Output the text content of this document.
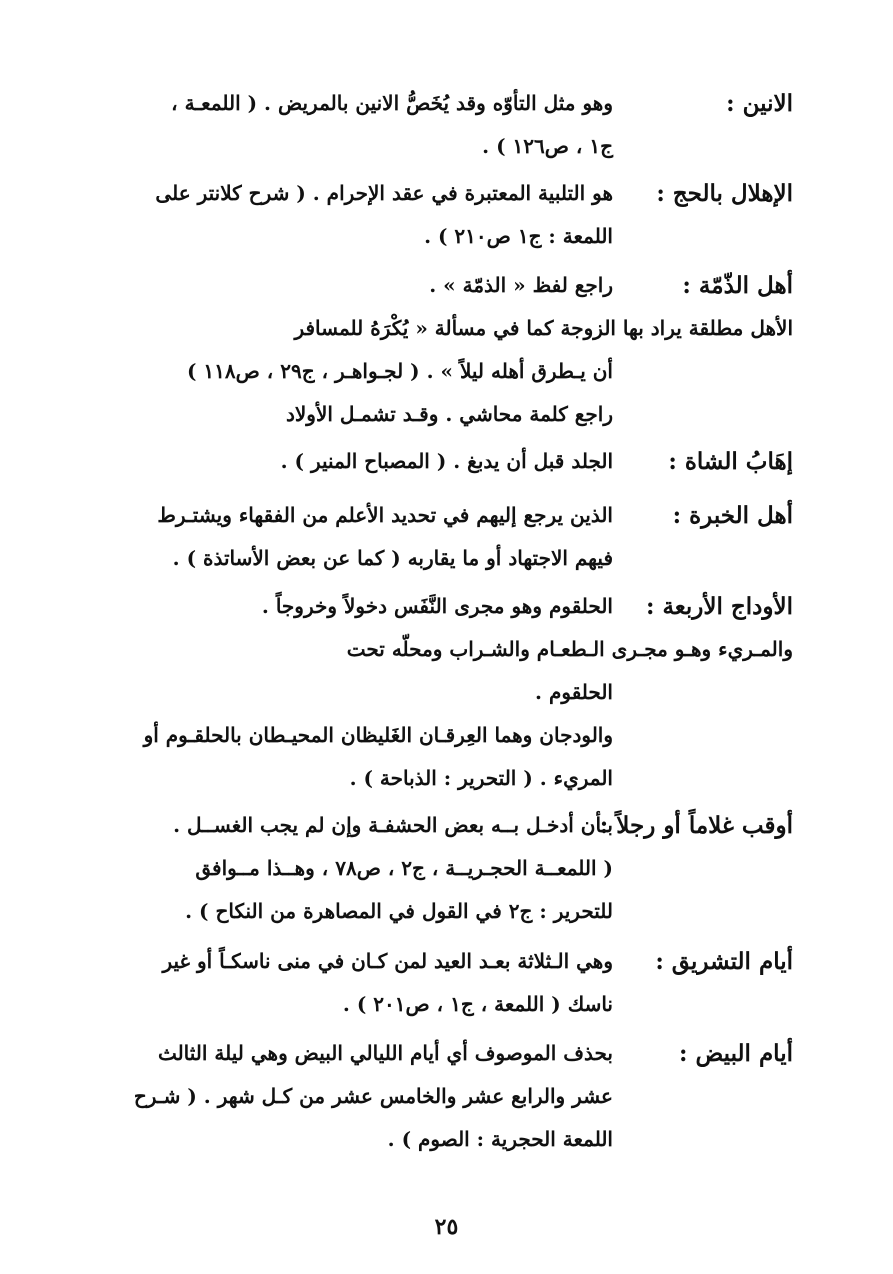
الانين :
وهو مثل التأوّه وقد يُخَصُّ الانين بالمريض . ( اللمعـة ،
ج١ ، ص١٢٦ ) .
الإهلال بالحج :
هو التلبية المعتبرة في عقد الإحرام . ( شرح كلانتر على
اللمعة : ج١ ص٢١٠ ) .
أهل الذّمّة :
راجع لفظ « الذمّة » .
الأهل مطلقة يراد بها الزوجة كما في مسألة « يُكْرَهُ للمسافر
أن يـطرق أهله ليلاً » . ( لجـواهـر ، ج٢٩ ، ص١١٨ )
راجع كلمة محاشي . وقـد تشمـل الأولاد
إهَابُ الشاة :
الجلد قبل أن يدبغ . ( المصباح المنير ) .
أهل الخبرة :
الذين يرجع إليهم في تحديد الأعلم من الفقهاء ويشتـرط
فيهم الاجتهاد أو ما يقاربه ( كما عن بعض الأساتذة ) .
الأوداج الأربعة :
الحلقوم وهو مجرى النَّفَس دخولاً وخروجاً .
والمـريء وهـو مجـرى الـطعـام والشـراب ومحلّه تحت
الحلقوم .
والودجان وهما العِرقـان الغَليظان المحيـطان بالحلقـوم أو
المريء . ( التحرير : الذباحة ) .
أوقب غلاماً أو رجلاً :
بـأن أدخـل بــه بعض الحشفـة وإن لم يجب الغســل .
( اللمعــة الحجـريــة ، ج٢ ، ص٧٨ ، وهــذا مــوافق
للتحرير : ج٢ في القول في المصاهرة من النكاح ) .
أيام التشريق :
وهي الـثلاثة بعـد العيد لمن كـان في منى ناسكـاً أو غير
ناسك ( اللمعة ، ج١ ، ص٢٠١ ) .
أيام البيض :
بحذف الموصوف أي أيام الليالي البيض وهي ليلة الثالث
عشر والرابع عشر والخامس عشر من كـل شهر . ( شـرح
اللمعة الحجرية : الصوم ) .
٢٥
